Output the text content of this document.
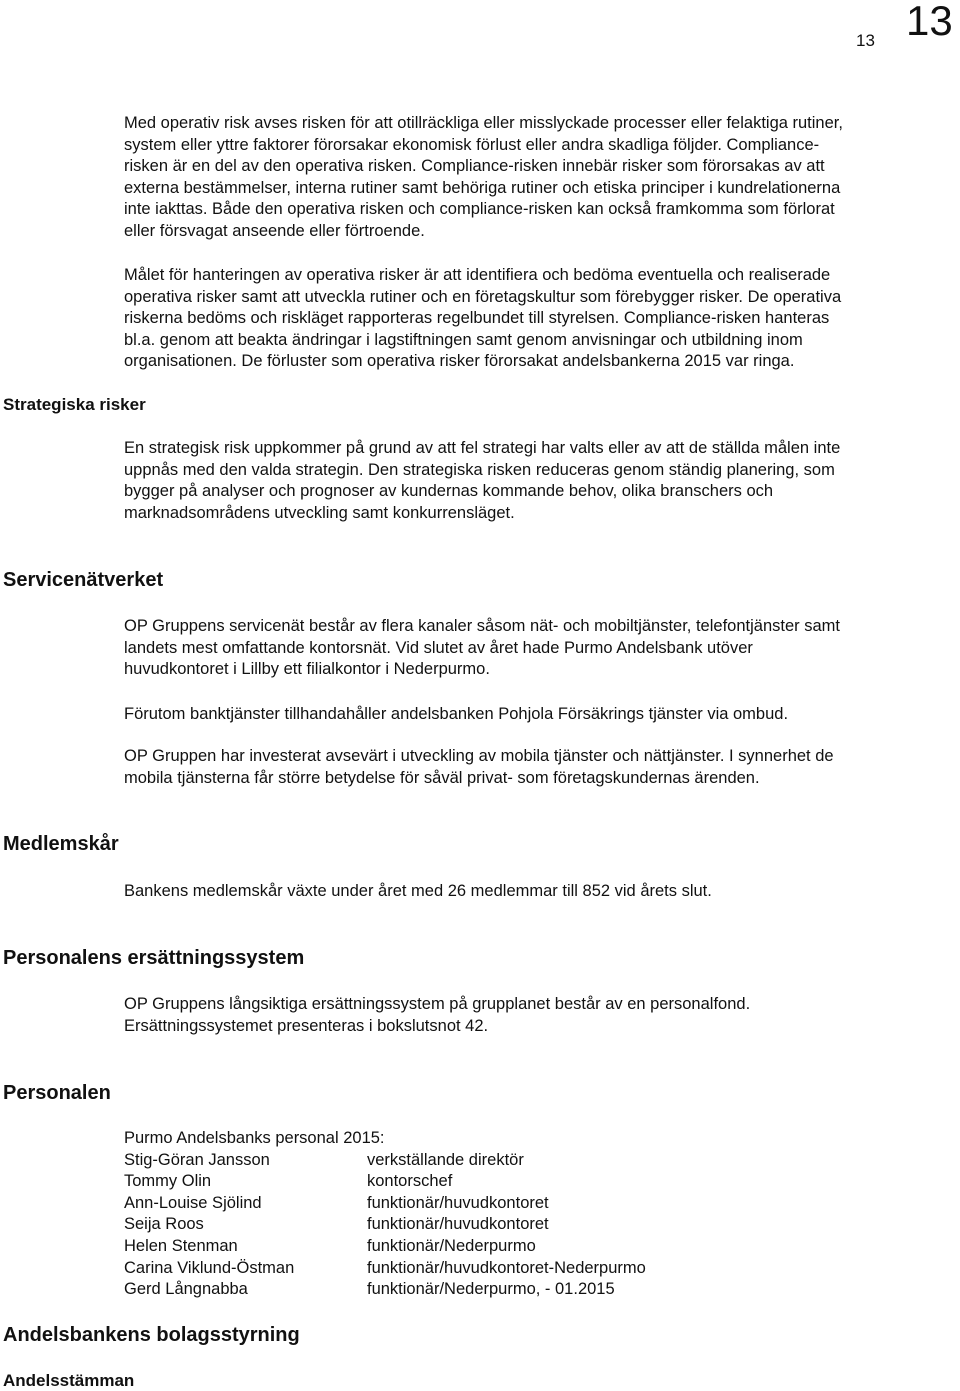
13 13
Med operativ risk avses risken för att otillräckliga eller misslyckade processer eller felaktiga rutiner,
system eller yttre faktorer förorsakar ekonomisk förlust eller andra skadliga följder. Compliance-
risken är en del av den operativa risken. Compliance-risken innebär risker som förorsakas av att
externa bestämmelser, interna rutiner samt behöriga rutiner och etiska principer i kundrelationerna
inte iakttas. Både den operativa risken och compliance-risken kan också framkomma som förlorat
eller försvagat anseende eller förtroende.
Målet för hanteringen av operativa risker är att identifiera och bedöma eventuella och realiserade
operativa risker samt att utveckla rutiner och en företagskultur som förebygger risker. De operativa
riskerna bedöms och riskläget rapporteras regelbundet till styrelsen. Compliance-risken hanteras
bl.a. genom att beakta ändringar i lagstiftningen samt genom anvisningar och utbildning inom
organisationen. De förluster som operativa risker förorsakat andelsbankerna 2015 var ringa.
Strategiska risker
En strategisk risk uppkommer på grund av att fel strategi har valts eller av att de ställda målen inte
uppnås med den valda strategin. Den strategiska risken reduceras genom ständig planering, som
bygger på analyser och prognoser av kundernas kommande behov, olika branschers och
marknadsområdens utveckling samt konkurrensläget.
Servicenätverket
OP Gruppens servicenät består av flera kanaler såsom nät- och mobiltjänster, telefontjänster samt
landets mest omfattande kontorsnät. Vid slutet av året hade Purmo Andelsbank utöver
huvudkontoret i Lillby ett filialkontor i Nederpurmo.
Förutom banktjänster tillhandahåller andelsbanken Pohjola Försäkrings tjänster via ombud.
OP Gruppen har investerat avsevärt i utveckling av mobila tjänster och nättjänster. I synnerhet de
mobila tjänsterna får större betydelse för såväl privat- som företagskundernas ärenden.
Medlemskår
Bankens medlemskår växte under året med 26 medlemmar till 852 vid årets slut.
Personalens ersättningssystem
OP Gruppens långsiktiga ersättningssystem på grupplanet består av en personalfond.
Ersättningssystemet presenteras i bokslutsnot 42.
Personalen
Purmo Andelsbanks personal 2015:
Stig-Göran Jansson	verkställande direktör
Tommy Olin	kontorschef
Ann-Louise Sjölind	funktionär/huvudkontoret
Seija Roos	funktionär/huvudkontoret
Helen Stenman	funktionär/Nederpurmo
Carina Viklund-Östman	funktionär/huvudkontoret-Nederpurmo
Gerd Långnabba	funktionär/Nederpurmo, - 01.2015
Andelsbankens bolagsstyrning
Andelsstämman
